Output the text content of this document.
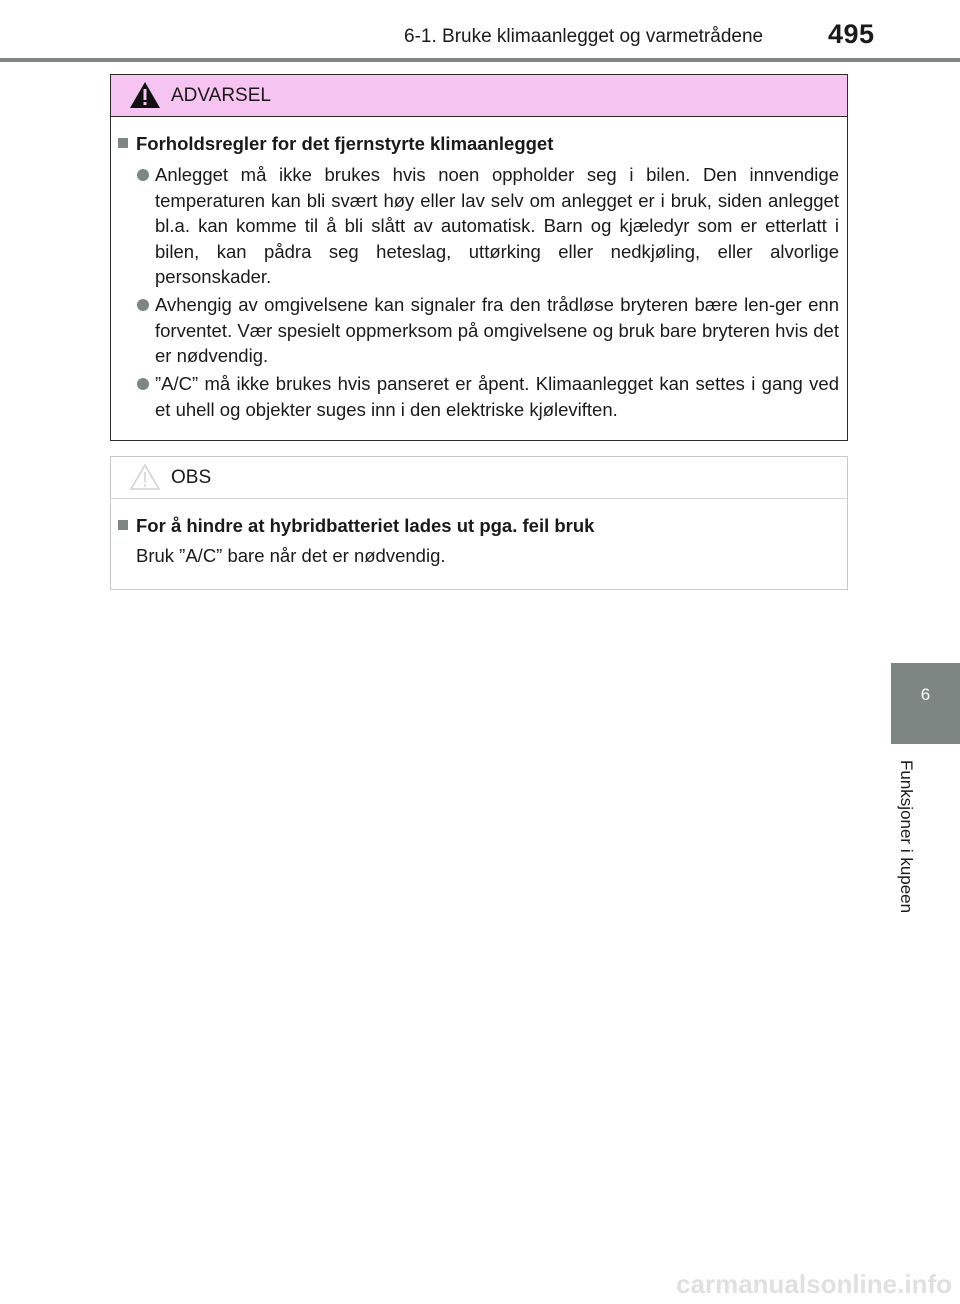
6-1. Bruke klimaanlegget og varmetrådene 495
6
Funksjoner i kupeen
ADVARSEL
Forholdsregler for det fjernstyrte klimaanlegget
Anlegget må ikke brukes hvis noen oppholder seg i bilen. Den innvendige temperaturen kan bli svært høy eller lav selv om anlegget er i bruk, siden anlegget bl.a. kan komme til å bli slått av automatisk. Barn og kjæledyr som er etterlatt i bilen, kan pådra seg heteslag, uttørking eller nedkjøling, eller alvorlige personskader.
Avhengig av omgivelsene kan signaler fra den trådløse bryteren bære len-ger enn forventet. Vær spesielt oppmerksom på omgivelsene og bruk bare bryteren hvis det er nødvendig.
”A/C” må ikke brukes hvis panseret er åpent. Klimaanlegget kan settes i gang ved et uhell og objekter suges inn i den elektriske kjøleviften.
OBS
For å hindre at hybridbatteriet lades ut pga. feil bruk
Bruk ”A/C” bare når det er nødvendig.
carmanualsonline.info
